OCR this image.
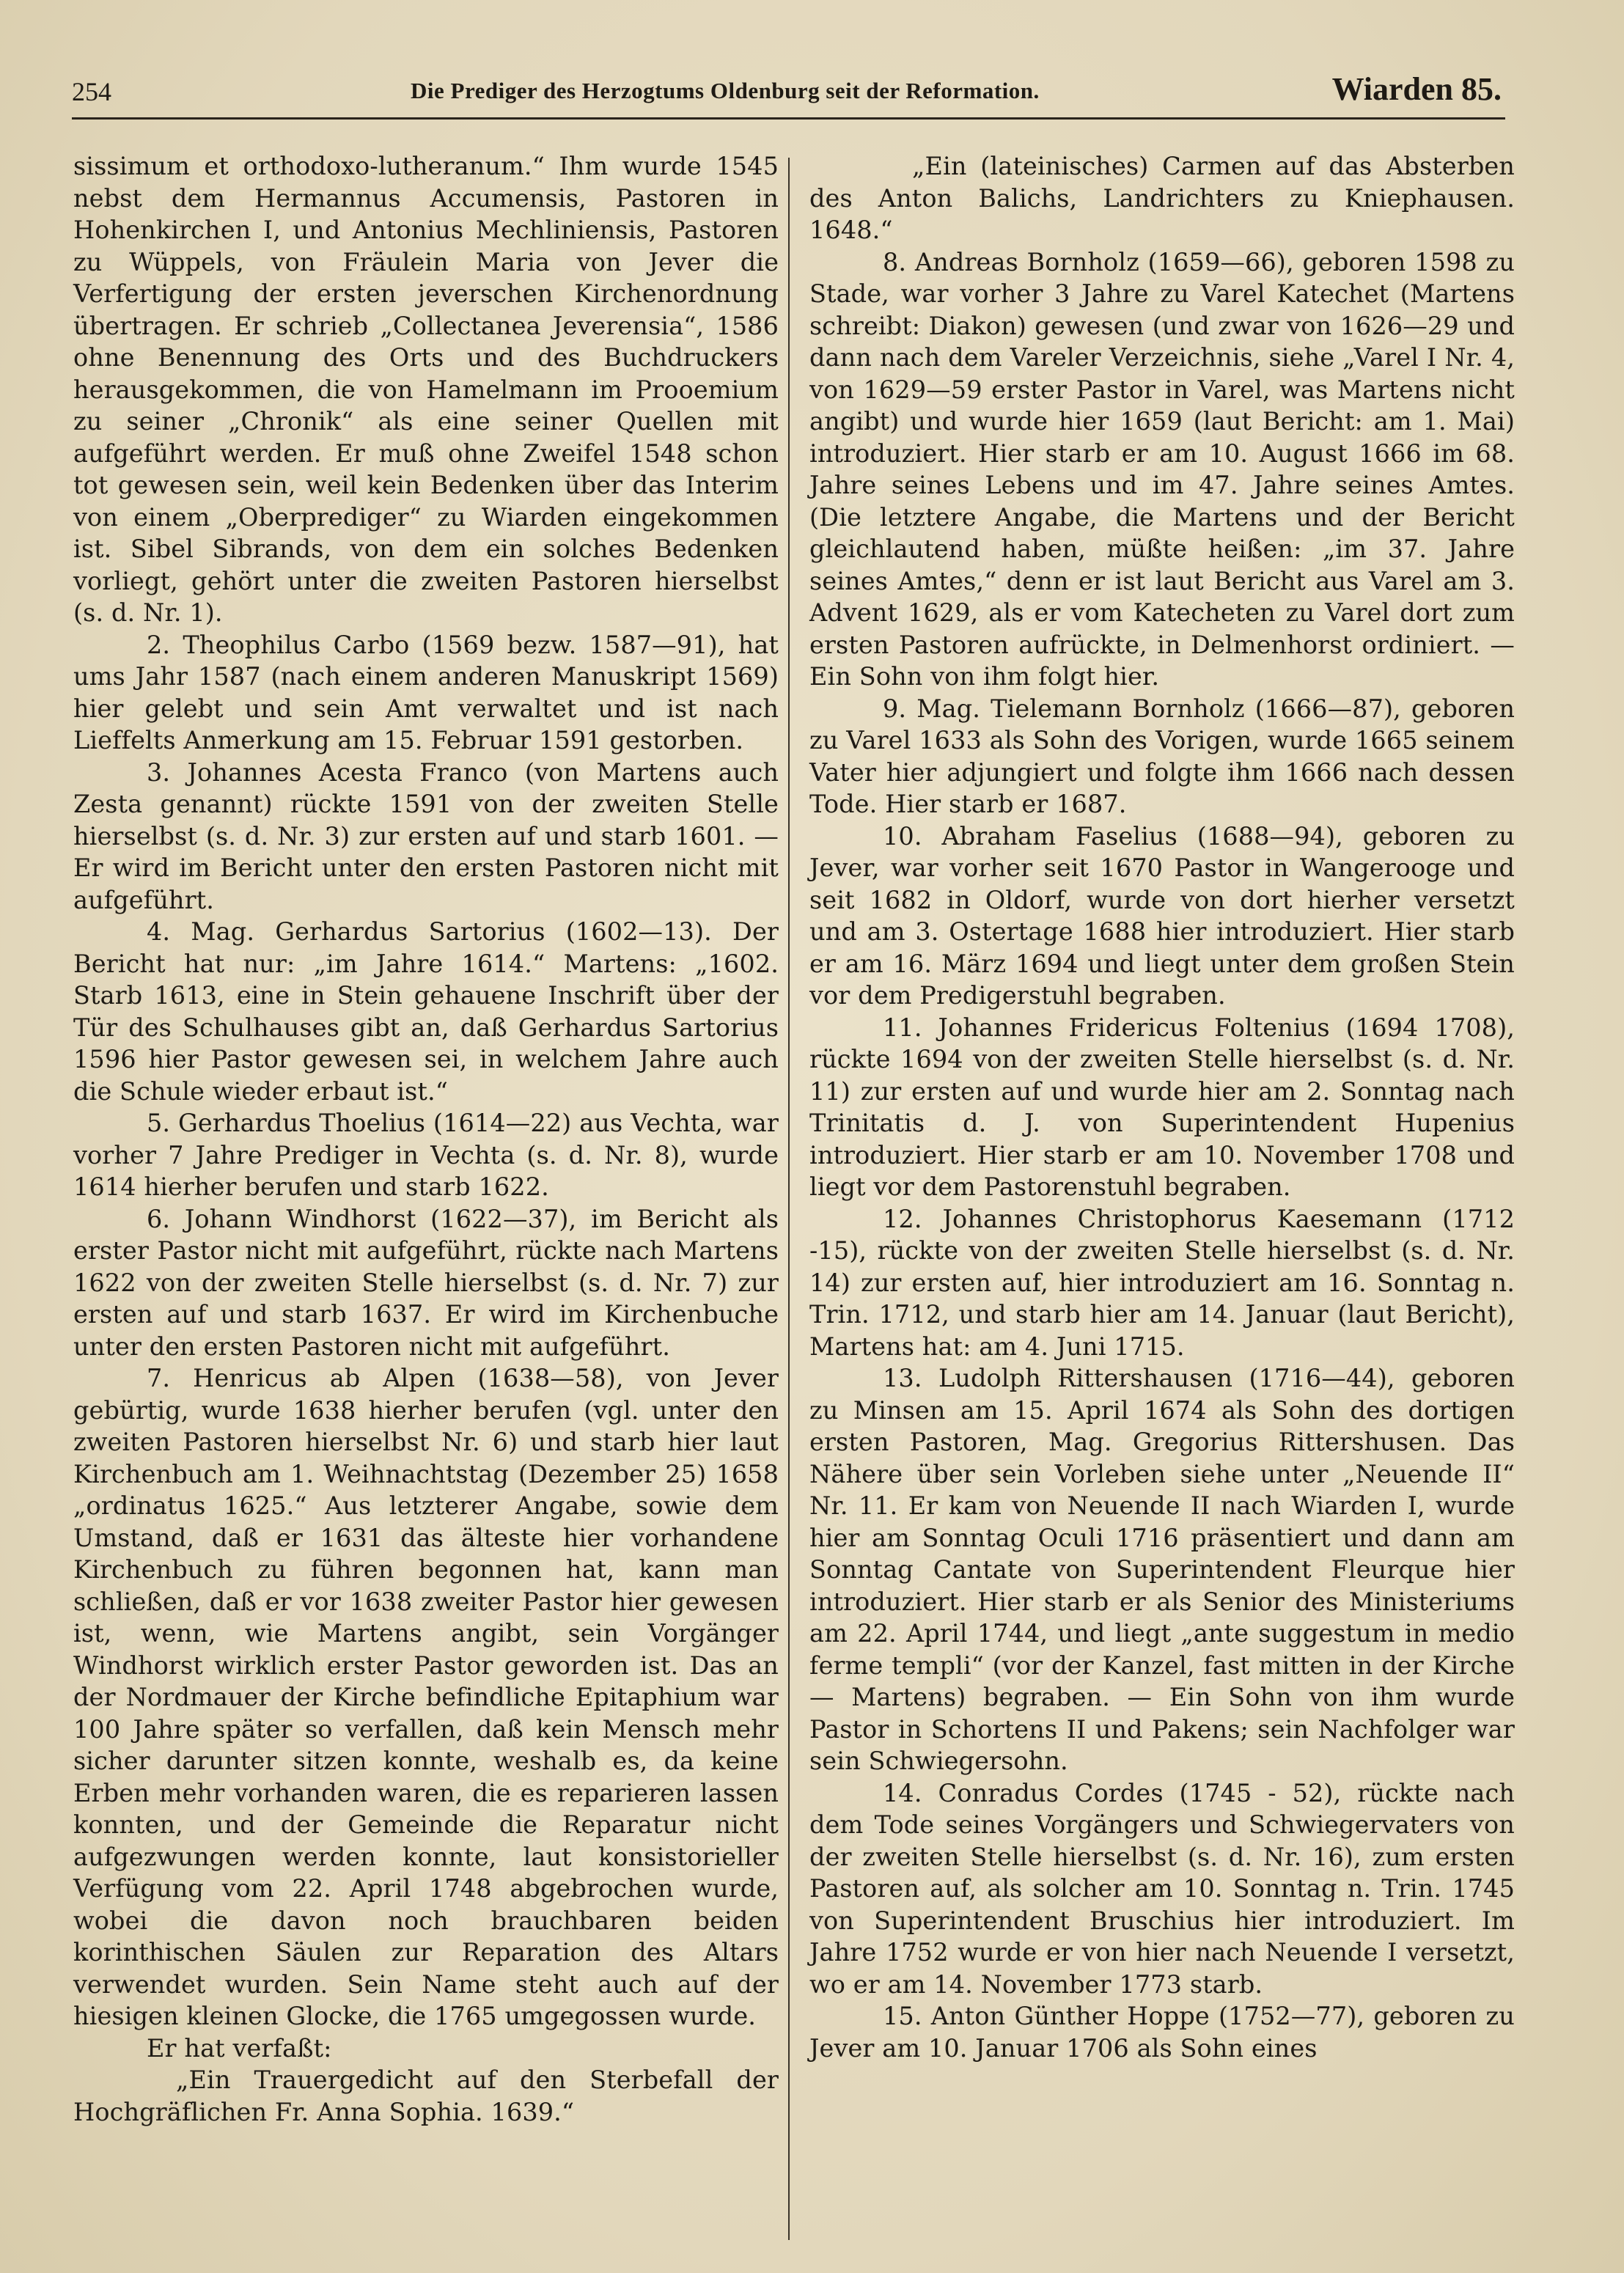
254	Die Prediger des Herzogtums Oldenburg seit der Reformation.	Wiarden 85.

sissimum et orthodoxo-lutheranum.“ Ihm wurde 1545 nebst dem Hermannus Accumensis, Pastoren in Hohenkirchen I, und Antonius Mechliniensis, Pastoren zu Wüppels, von Fräulein Maria von Jever die Verfertigung der ersten jeverschen Kirchenordnung übertragen. Er schrieb „Collectanea Jeverensia“, 1586 ohne Benennung des Orts und des Buchdruckers herausgekommen, die von Hamelmann im Prooemium zu seiner „Chronik“ als eine seiner Quellen mit aufgeführt werden. Er muß ohne Zweifel 1548 schon tot gewesen sein, weil kein Bedenken über das Interim von einem „Oberprediger“ zu Wiarden eingekommen ist. Sibel Sibrands, von dem ein solches Bedenken vorliegt, gehört unter die zweiten Pastoren hierselbst (s. d. Nr. 1).

2. Theophilus Carbo (1569 bezw. 1587—91), hat ums Jahr 1587 (nach einem anderen Manuskript 1569) hier gelebt und sein Amt verwaltet und ist nach Lieffelts Anmerkung am 15. Februar 1591 gestorben.

3. Johannes Acesta Franco (von Martens auch Zesta genannt) rückte 1591 von der zweiten Stelle hierselbst (s. d. Nr. 3) zur ersten auf und starb 1601. — Er wird im Bericht unter den ersten Pastoren nicht mit aufgeführt.

4. Mag. Gerhardus Sartorius (1602—13). Der Bericht hat nur: „im Jahre 1614.“ Martens: „1602. Starb 1613, eine in Stein gehauene Inschrift über der Tür des Schulhauses gibt an, daß Gerhardus Sartorius 1596 hier Pastor gewesen sei, in welchem Jahre auch die Schule wieder erbaut ist.“

5. Gerhardus Thoelius (1614—22) aus Vechta, war vorher 7 Jahre Prediger in Vechta (s. d. Nr. 8), wurde 1614 hierher berufen und starb 1622.

6. Johann Windhorst (1622—37), im Bericht als erster Pastor nicht mit aufgeführt, rückte nach Martens 1622 von der zweiten Stelle hierselbst (s. d. Nr. 7) zur ersten auf und starb 1637. Er wird im Kirchenbuche unter den ersten Pastoren nicht mit aufgeführt.

7. Henricus ab Alpen (1638—58), von Jever gebürtig, wurde 1638 hierher berufen (vgl. unter den zweiten Pastoren hierselbst Nr. 6) und starb hier laut Kirchenbuch am 1. Weihnachtstag (Dezember 25) 1658 „ordinatus 1625.“ Aus letzterer Angabe, sowie dem Umstand, daß er 1631 das älteste hier vorhandene Kirchenbuch zu führen begonnen hat, kann man schließen, daß er vor 1638 zweiter Pastor hier gewesen ist, wenn, wie Martens angibt, sein Vorgänger Windhorst wirklich erster Pastor geworden ist. Das an der Nordmauer der Kirche befindliche Epitaphium war 100 Jahre später so verfallen, daß kein Mensch mehr sicher darunter sitzen konnte, weshalb es, da keine Erben mehr vorhanden waren, die es reparieren lassen konnten, und der Gemeinde die Reparatur nicht aufgezwungen werden konnte, laut konsistorieller Verfügung vom 22. April 1748 abgebrochen wurde, wobei die davon noch brauchbaren beiden korinthischen Säulen zur Reparation des Altars verwendet wurden. Sein Name steht auch auf der hiesigen kleinen Glocke, die 1765 umgegossen wurde.

Er hat verfaßt:

„Ein Trauergedicht auf den Sterbefall der Hochgräflichen Fr. Anna Sophia. 1639.“

„Ein (lateinisches) Carmen auf das Absterben des Anton Balichs, Landrichters zu Kniephausen. 1648.“

8. Andreas Bornholz (1659—66), geboren 1598 zu Stade, war vorher 3 Jahre zu Varel Katechet (Martens schreibt: Diakon) gewesen (und zwar von 1626—29 und dann nach dem Vareler Verzeichnis, siehe „Varel I Nr. 4, von 1629—59 erster Pastor in Varel, was Martens nicht angibt) und wurde hier 1659 (laut Bericht: am 1. Mai) introduziert. Hier starb er am 10. August 1666 im 68. Jahre seines Lebens und im 47. Jahre seines Amtes. (Die letztere Angabe, die Martens und der Bericht gleichlautend haben, müßte heißen: „im 37. Jahre seines Amtes,“ denn er ist laut Bericht aus Varel am 3. Advent 1629, als er vom Katecheten zu Varel dort zum ersten Pastoren aufrückte, in Delmenhorst ordiniert. — Ein Sohn von ihm folgt hier.

9. Mag. Tielemann Bornholz (1666—87), geboren zu Varel 1633 als Sohn des Vorigen, wurde 1665 seinem Vater hier adjungiert und folgte ihm 1666 nach dessen Tode. Hier starb er 1687.

10. Abraham Faselius (1688—94), geboren zu Jever, war vorher seit 1670 Pastor in Wangerooge und seit 1682 in Oldorf, wurde von dort hierher versetzt und am 3. Ostertage 1688 hier introduziert. Hier starb er am 16. März 1694 und liegt unter dem großen Stein vor dem Predigerstuhl begraben.

11. Johannes Fridericus Foltenius (1694 1708), rückte 1694 von der zweiten Stelle hierselbst (s. d. Nr. 11) zur ersten auf und wurde hier am 2. Sonntag nach Trinitatis d. J. von Superintendent Hupenius introduziert. Hier starb er am 10. November 1708 und liegt vor dem Pastorenstuhl begraben.

12. Johannes Christophorus Kaesemann (1712 -15), rückte von der zweiten Stelle hierselbst (s. d. Nr. 14) zur ersten auf, hier introduziert am 16. Sonntag n. Trin. 1712, und starb hier am 14. Januar (laut Bericht), Martens hat: am 4. Juni 1715.

13. Ludolph Rittershausen (1716—44), geboren zu Minsen am 15. April 1674 als Sohn des dortigen ersten Pastoren, Mag. Gregorius Rittershusen. Das Nähere über sein Vorleben siehe unter „Neuende II“ Nr. 11. Er kam von Neuende II nach Wiarden I, wurde hier am Sonntag Oculi 1716 präsentiert und dann am Sonntag Cantate von Superintendent Fleurque hier introduziert. Hier starb er als Senior des Ministeriums am 22. April 1744, und liegt „ante suggestum in medio ferme templi“ (vor der Kanzel, fast mitten in der Kirche — Martens) begraben. — Ein Sohn von ihm wurde Pastor in Schortens II und Pakens; sein Nachfolger war sein Schwiegersohn.

14. Conradus Cordes (1745 - 52), rückte nach dem Tode seines Vorgängers und Schwiegervaters von der zweiten Stelle hierselbst (s. d. Nr. 16), zum ersten Pastoren auf, als solcher am 10. Sonntag n. Trin. 1745 von Superintendent Bruschius hier introduziert. Im Jahre 1752 wurde er von hier nach Neuende I versetzt, wo er am 14. November 1773 starb.

15. Anton Günther Hoppe (1752—77), geboren zu Jever am 10. Januar 1706 als Sohn eines
